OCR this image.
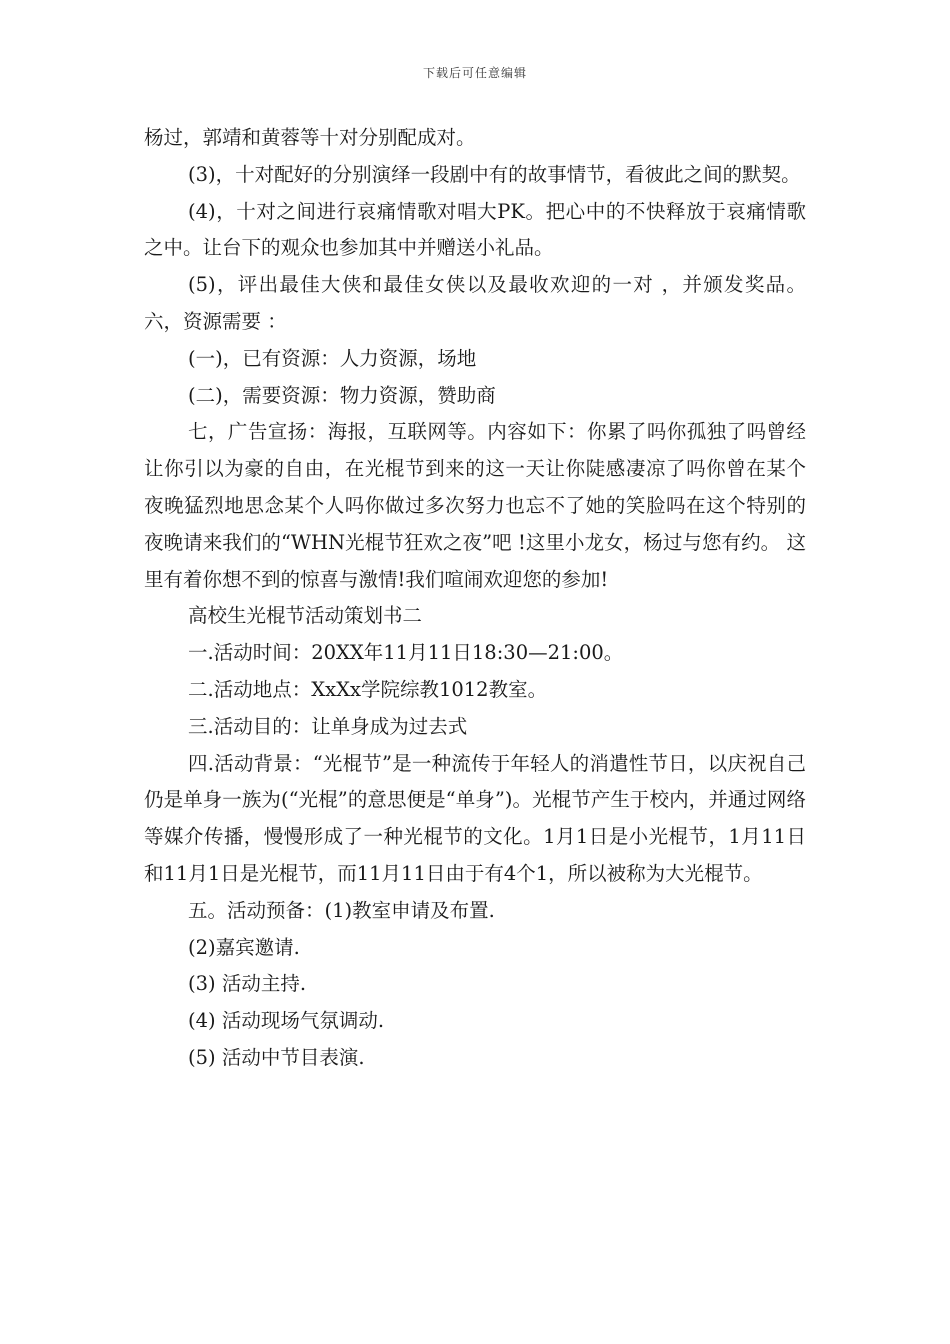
下载后可任意编辑

杨过，郭靖和黄蓉等十对分别配成对。

(3)，十对配好的分别演绎一段剧中有的故事情节，看彼此之间的默契。

(4)，十对之间进行哀痛情歌对唱大PK。把心中的不快释放于哀痛情歌之中。让台下的观众也参加其中并赠送小礼品。

(5)，评出最佳大侠和最佳女侠以及最收欢迎的一对 ，并颁发奖品。 六，资源需要 ：

(一)，已有资源：人力资源，场地

(二)，需要资源：物力资源，赞助商

七，广告宣扬：海报，互联网等。内容如下：你累了吗你孤独了吗曾经让你引以为豪的自由，在光棍节到来的这一天让你陡感凄凉了吗你曾在某个夜晚猛烈地思念某个人吗你做过多次努力也忘不了她的笑脸吗在这个特别的夜晚请来我们的“WHN光棍节狂欢之夜”吧 !这里小龙女，杨过与您有约。 这里有着你想不到的惊喜与激情!我们喧闹欢迎您的参加!

高校生光棍节活动策划书二

一.活动时间：20XX年11月11日18:30—21:00。

二.活动地点：XxXx学院综教1012教室。

三.活动目的：让单身成为过去式

四.活动背景：“光棍节”是一种流传于年轻人的消遣性节日，以庆祝自己仍是单身一族为(“光棍”的意思便是“单身”)。光棍节产生于校内，并通过网络等媒介传播，慢慢形成了一种光棍节的文化。1月1日是小光棍节，1月11日和11月1日是光棍节，而11月11日由于有4个1，所以被称为大光棍节。

五。活动预备：(1)教室申请及布置.

(2)嘉宾邀请.

(3) 活动主持.

(4) 活动现场气氛调动.

(5) 活动中节目表演.
